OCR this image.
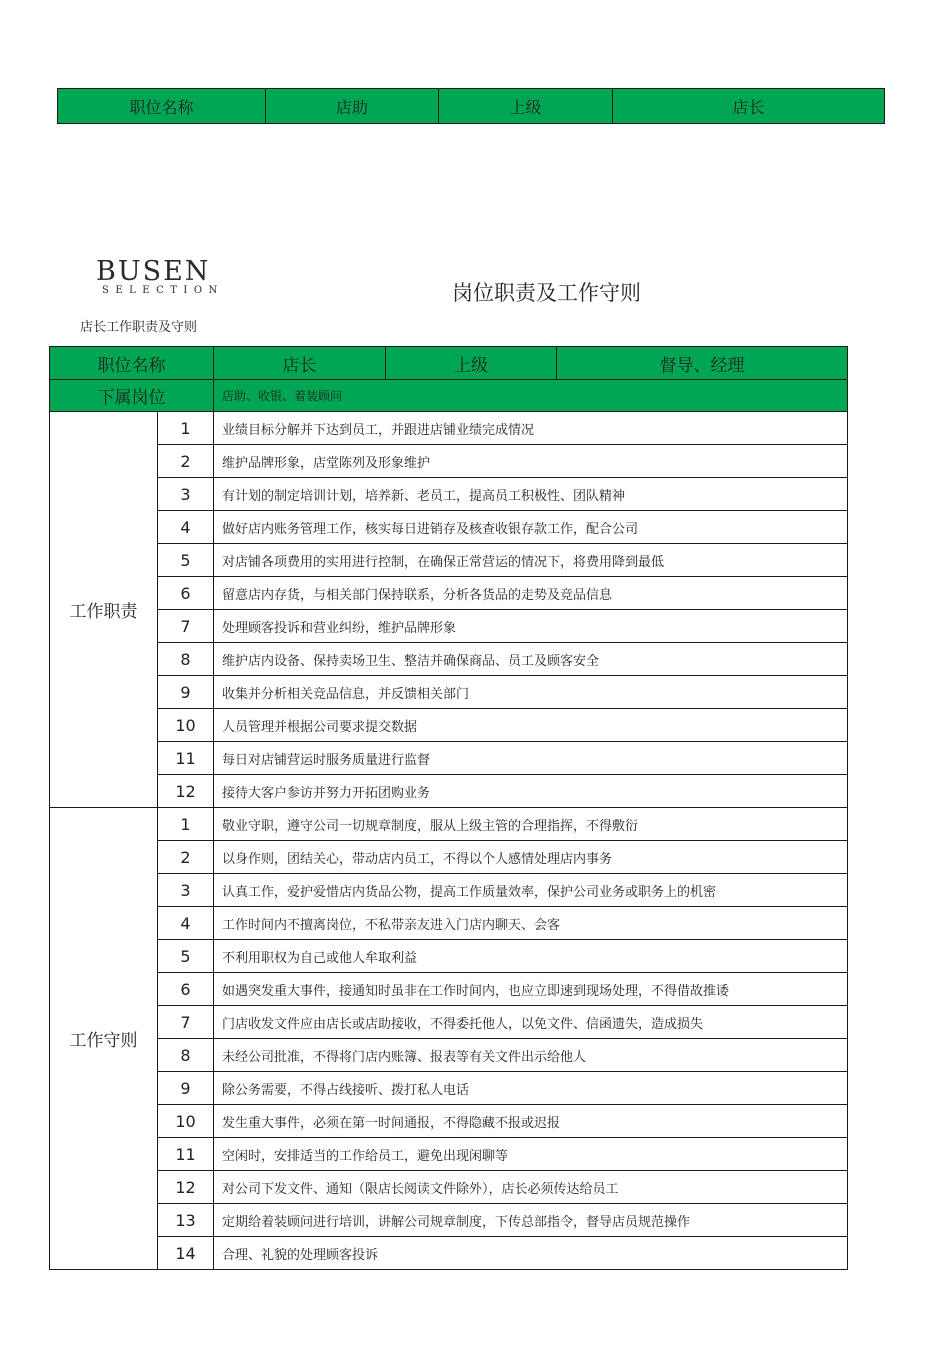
职位名称	店助	上级	店长
BUSEN
SELECTION	岗位职责及工作守则
店长工作职责及守则
职位名称		店长	上级	督导、经理
下属岗位		店助、收银、着装顾问		
工作职责	1	业绩目标分解并下达到员工，并跟进店铺业绩完成情况		
	2	维护品牌形象，店堂陈列及形象维护		
	3	有计划的制定培训计划，培养新、老员工，提高员工积极性、团队精神		
	4	做好店内账务管理工作，核实每日进销存及核查收银存款工作，配合公司		
	5	对店铺各项费用的实用进行控制，在确保正常营运的情况下，将费用降到最低		
	6	留意店内存货，与相关部门保持联系，分析各货品的走势及竞品信息		
	7	处理顾客投诉和营业纠纷，维护品牌形象		
	8	维护店内设备、保持卖场卫生、整洁并确保商品、员工及顾客安全		
	9	收集并分析相关竞品信息，并反馈相关部门		
	10	人员管理并根据公司要求提交数据		
	11	每日对店铺营运时服务质量进行监督		
	12	接待大客户参访并努力开拓团购业务		
工作守则	1	敬业守职，遵守公司一切规章制度，服从上级主管的合理指挥，不得敷衍		
	2	以身作则，团结关心，带动店内员工，不得以个人感情处理店内事务		
	3	认真工作，爱护爱惜店内货品公物，提高工作质量效率，保护公司业务或职务上的机密		
	4	工作时间内不擅离岗位，不私带亲友进入门店内聊天、会客		
	5	不利用职权为自己或他人牟取利益		
	6	如遇突发重大事件，接通知时虽非在工作时间内，也应立即速到现场处理，不得借故推诿		
	7	门店收发文件应由店长或店助接收，不得委托他人，以免文件、信函遗失，造成损失		
	8	未经公司批准，不得将门店内账簿、报表等有关文件出示给他人		
	9	除公务需要，不得占线接听、拨打私人电话		
	10	发生重大事件，必须在第一时间通报，不得隐藏不报或迟报		
	11	空闲时，安排适当的工作给员工，避免出现闲聊等		
	12	对公司下发文件、通知（限店长阅读文件除外），店长必须传达给员工		
	13	定期给着装顾问进行培训，讲解公司规章制度，下传总部指令，督导店员规范操作		
	14	合理、礼貌的处理顾客投诉		
